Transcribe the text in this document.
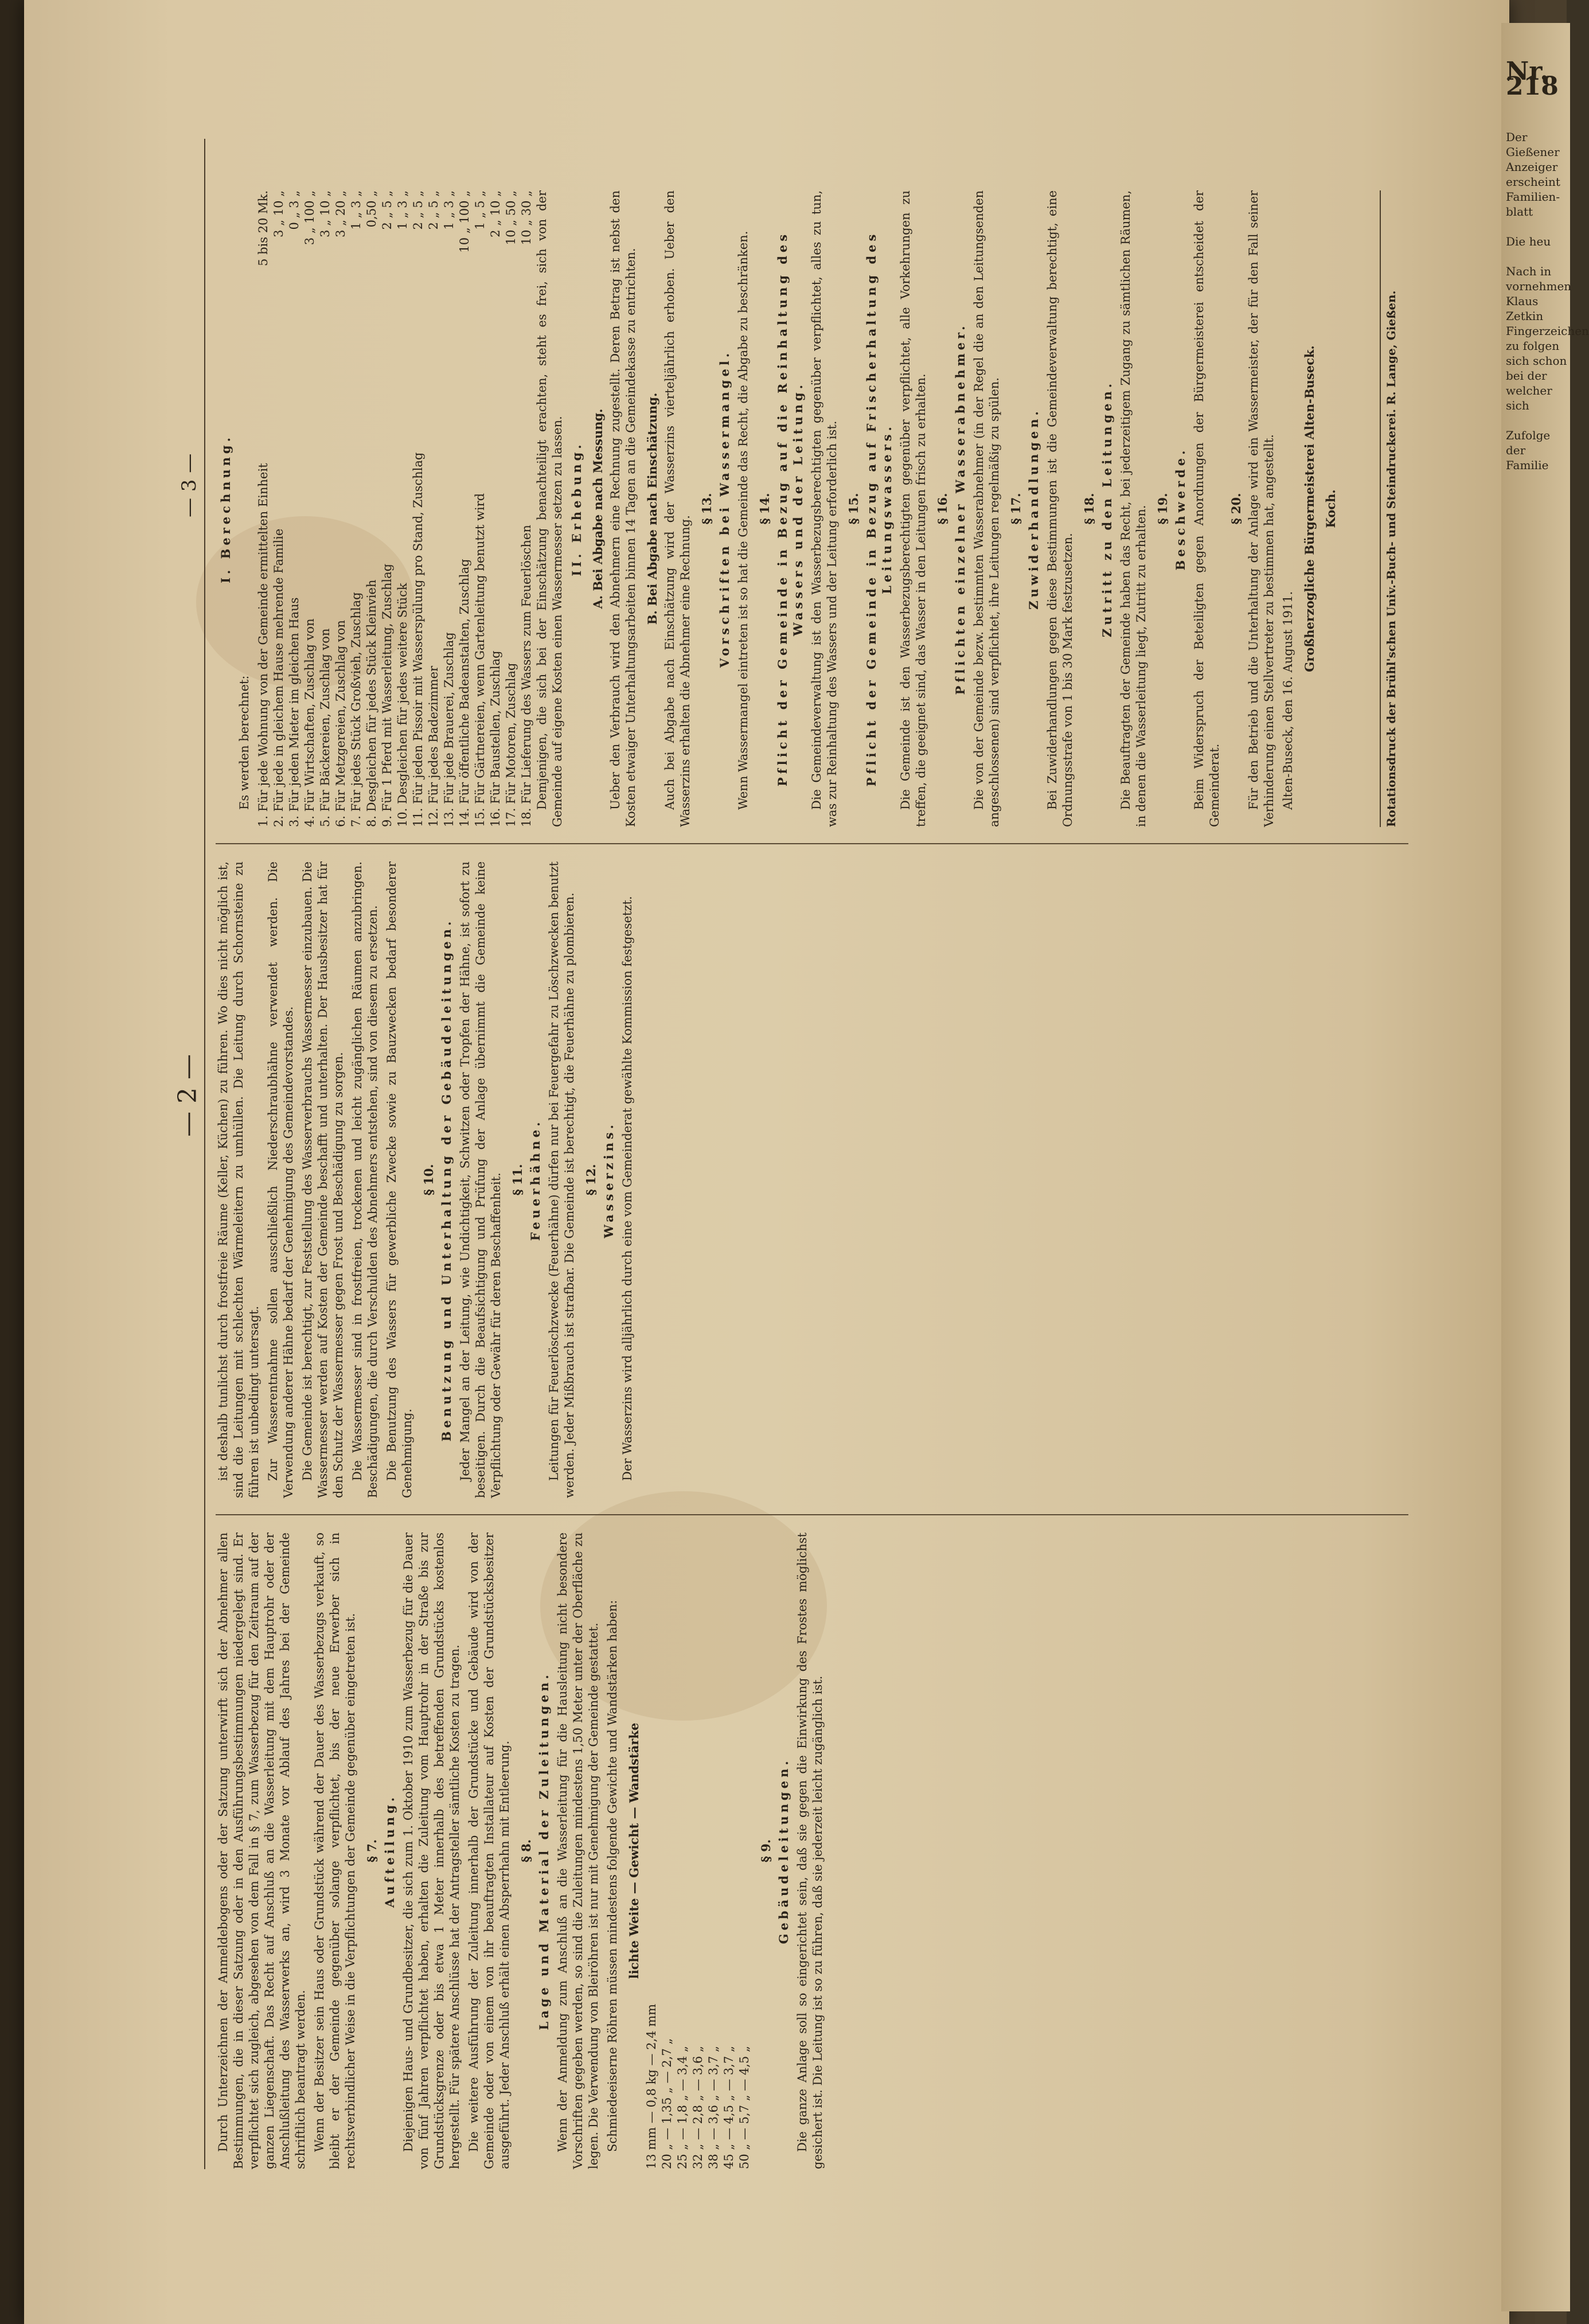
Nr. 218

Der Gießener
Anzeiger
erscheint
Familien-
blatt

Die heu

Nach in
vornehmen
Klaus Zetkin
Fingerzeichen
zu folgen
sich schon
bei der
welcher
sich

Zufolge
der
Familie

— 2 —
— 3 —

Durch Unterzeichnen der Anmeldebogens oder der Satzung unterwirft sich der Abnehmer allen Bestimmungen, die in dieser Satzung oder in den Ausführungsbestimmungen niedergelegt sind. Er verpflichtet sich zugleich, abgesehen von dem Fall in § 7, zum Wasserbezug für den Zeitraum auf der ganzen Liegenschaft. Das Recht auf Anschluß an die Wasserleitung mit dem Hauptrohr oder der Anschlußleitung des Wasserwerks an, wird 3 Monate vor Ablauf des Jahres bei der Gemeinde schriftlich beantragt werden. Wenn der Besitzer sein Haus oder Grundstück während der Dauer des Wasserbezugs verkauft, so bleibt er der Gemeinde gegenüber solange verpflichtet, bis der neue Erwerber sich in rechtsverbindlicher Weise in die Verpflichtungen der Gemeinde gegenüber eingetreten ist. § 7. Aufteilung. Diejenigen Haus- und Grundbesitzer, die sich zum 1. Oktober 1910 zum Wasserbezug für die Dauer von fünf Jahren verpflichtet haben, erhalten die Zuleitung vom Hauptrohr in der Straße bis zur Grundstücksgrenze oder bis etwa 1 Meter innerhalb des betreffenden Grundstücks kostenlos hergestellt. Für spätere Anschlüsse hat der Antragsteller sämtliche Kosten zu tragen. Die weitere Ausführung der Zuleitung innerhalb der Grundstücke und Gebäude wird von der Gemeinde oder von einem von ihr beauftragten Installateur auf Kosten der Grundstücksbesitzer ausgeführt. Jeder Anschluß erhält einen Absperrhahn mit Entleerung. § 8. Lage und Material der Zuleitungen. Wenn der Anmeldung zum Anschluß an die Wasserleitung für die Hausleitung nicht besondere Vorschriften gegeben werden, so sind die Zuleitungen mindestens 1,50 Meter unter der Oberfläche zu legen. Die Verwendung von Bleiröhren ist nur mit Genehmigung der Gemeinde gestattet. Schmiedeeiserne Röhren müssen mindestens folgende Gewichte und Wandstärken haben: lichte Weite — Gewicht — Wandstärke
13 mm — 0,8 kg — 2,4 mm 20 „ — 1,35 „ — 2,7 „ 25 „ — 1,8 „ — 3,4 „ 32 „ — 2,8 „ — 3,6 „ 38 „ — 3,6 „ — 3,7 „ 45 „ — 4,5 „ — 3,7 „ 50 „ — 5,7 „ — 4,5 „
§ 9. Gebäudeleitungen. Die ganze Anlage soll so eingerichtet sein, daß sie gegen die Einwirkung des Frostes möglichst gesichert ist. Die Leitung ist so zu führen, daß sie jederzeit leicht zugänglich ist.

ist deshalb tunlichst durch frostfreie Räume (Keller, Küchen) zu führen. Wo dies nicht möglich ist, sind die Leitungen mit schlechten Wärmeleitern zu umhüllen. Die Leitung durch Schornsteine zu führen ist unbedingt untersagt. Zur Wasserentnahme sollen ausschließlich Niederschraubhähne verwendet werden. Die Verwendung anderer Hähne bedarf der Genehmigung des Gemeindevorstandes. Die Gemeinde ist berechtigt, zur Feststellung des Wasserverbrauchs Wassermesser einzubauen. Die Wassermesser werden auf Kosten der Gemeinde beschafft und unterhalten. Der Hausbesitzer hat für den Schutz der Wassermesser gegen Frost und Beschädigung zu sorgen. Die Wassermesser sind in frostfreien, trockenen und leicht zugänglichen Räumen anzubringen. Beschädigungen, die durch Verschulden des Abnehmers entstehen, sind von diesem zu ersetzen. Die Benutzung des Wassers für gewerbliche Zwecke sowie zu Bauzwecken bedarf besonderer Genehmigung.

§ 10. Benutzung und Unterhaltung der Gebäudeleitungen. Jeder Mangel an der Leitung, wie Undichtigkeit, Schwitzen oder Tropfen der Hähne, ist sofort zu beseitigen. Durch die Beaufsichtigung und Prüfung der Anlage übernimmt die Gemeinde keine Verpflichtung oder Gewähr für deren Beschaffenheit. § 11. Feuerhähne. Leitungen für Feuerlöschzwecke (Feuerhähne) dürfen nur bei Feuergefahr zu Löschzwecken benutzt werden. Jeder Mißbrauch ist strafbar. Die Gemeinde ist berechtigt, die Feuerhähne zu plombieren. § 12. Wasserzins. Der Wasserzins wird alljährlich durch eine vom Gemeinderat gewählte Kommission festgesetzt.

I. Berechnung.

Es werden berechnet: 1. Für jede Wohnung von der Gemeinde ermittelten Einheit
5 bis 20 Mk.
2. Für jede in gleichem Hause mehrende Familie
3 „ 10 „
3. Für jeden Mieter im gleichen Haus
0 „ 3 „
4. Für Wirtschaften, Zuschlag von
3 „ 100 „
5. Für Bäckereien, Zuschlag von
3 „ 10 „
6. Für Metzgereien, Zuschlag von
3 „ 20 „
7. Für jedes Stück Großvieh, Zuschlag
1 „ 3 „
8. Desgleichen für jedes Stück Kleinvieh
0,50 „
9. Für 1 Pferd mit Wasserleitung, Zuschlag
2 „ 5 „
10. Desgleichen für jedes weitere Stück
1 „ 3 „
11. Für jeden Pissoir mit Wasserspülung pro Stand, Zuschlag
2 „ 5 „
12. Für jedes Badezimmer
2 „ 5 „
13. Für jede Brauerei, Zuschlag
1 „ 3 „
14. Für öffentliche Badeanstalten, Zuschlag
10 „ 100 „
15. Für Gärtnereien, wenn Gartenleitung benutzt wird
1 „ 5 „
16. Für Baustellen, Zuschlag
2 „ 10 „
17. Für Motoren, Zuschlag
10 „ 50 „
18. Für Lieferung des Wassers zum Feuerlöschen
10 „ 30 „ Demjenigen, die sich bei der Einschätzung benachteiligt erachten, steht es frei, sich von der Gemeinde auf eigene Kosten einen Wassermesser setzen zu lassen. II. Erhebung. A. Bei Abgabe nach Messung. Ueber den Verbrauch wird den Abnehmern eine Rechnung zugestellt. Deren Betrag ist nebst den Kosten etwaiger Unterhaltungsarbeiten binnen 14 Tagen an die Gemeindekasse zu entrichten. B. Bei Abgabe nach Einschätzung. Auch bei Abgabe nach Einschätzung wird der Wasserzins vierteljährlich erhoben. Ueber den Wasserzins erhalten die Abnehmer eine Rechnung.

§ 13. Vorschriften bei Wassermangel. Wenn Wassermangel eintreten ist so hat die Gemeinde das Recht, die Abgabe zu beschränken. § 14. Pflicht der Gemeinde in Bezug auf die Reinhaltung des Wassers und der Leitung. Die Gemeindeverwaltung ist den Wasserbezugsberechtigten gegenüber verpflichtet, alles zu tun, was zur Reinhaltung des Wassers und der Leitung erforderlich ist. § 15. Pflicht der Gemeinde in Bezug auf Frischerhaltung des Leitungswassers. Die Gemeinde ist den Wasserbezugsberechtigten gegenüber verpflichtet, alle Vorkehrungen zu treffen, die geeignet sind, das Wasser in den Leitungen frisch zu erhalten. § 16. Pflichten einzelner Wasserabnehmer. Die von der Gemeinde bezw. bestimmten Wasserabnehmer (in der Regel die an den Leitungsenden angeschlossenen) sind verpflichtet, ihre Leitungen regelmäßig zu spülen. § 17. Zuwiderhandlungen. Bei Zuwiderhandlungen gegen diese Bestimmungen ist die Gemeindeverwaltung berechtigt, eine Ordnungsstrafe von 1 bis 30 Mark festzusetzen.

§ 18. Zutritt zu den Leitungen. Die Beauftragten der Gemeinde haben das Recht, bei jederzeitigem Zugang zu sämtlichen Räumen, in denen die Wasserleitung liegt, Zutritt zu erhalten. § 19. Beschwerde. Beim Widerspruch der Beteiligten gegen Anordnungen der Bürgermeisterei entscheidet der Gemeinderat.

§ 20. Für den Betrieb und die Unterhaltung der Anlage wird ein Wassermeister, der für den Fall seiner Verhinderung einen Stellvertreter zu bestimmen hat, angestellt. Alten-Buseck, den 16. August 1911.

Großherzogliche Bürgermeisterei Alten-Buseck. Koch.	Rotationsdruck der Brühl'schen Univ.-Buch- und Steindruckerei. R. Lange, Gießen.
